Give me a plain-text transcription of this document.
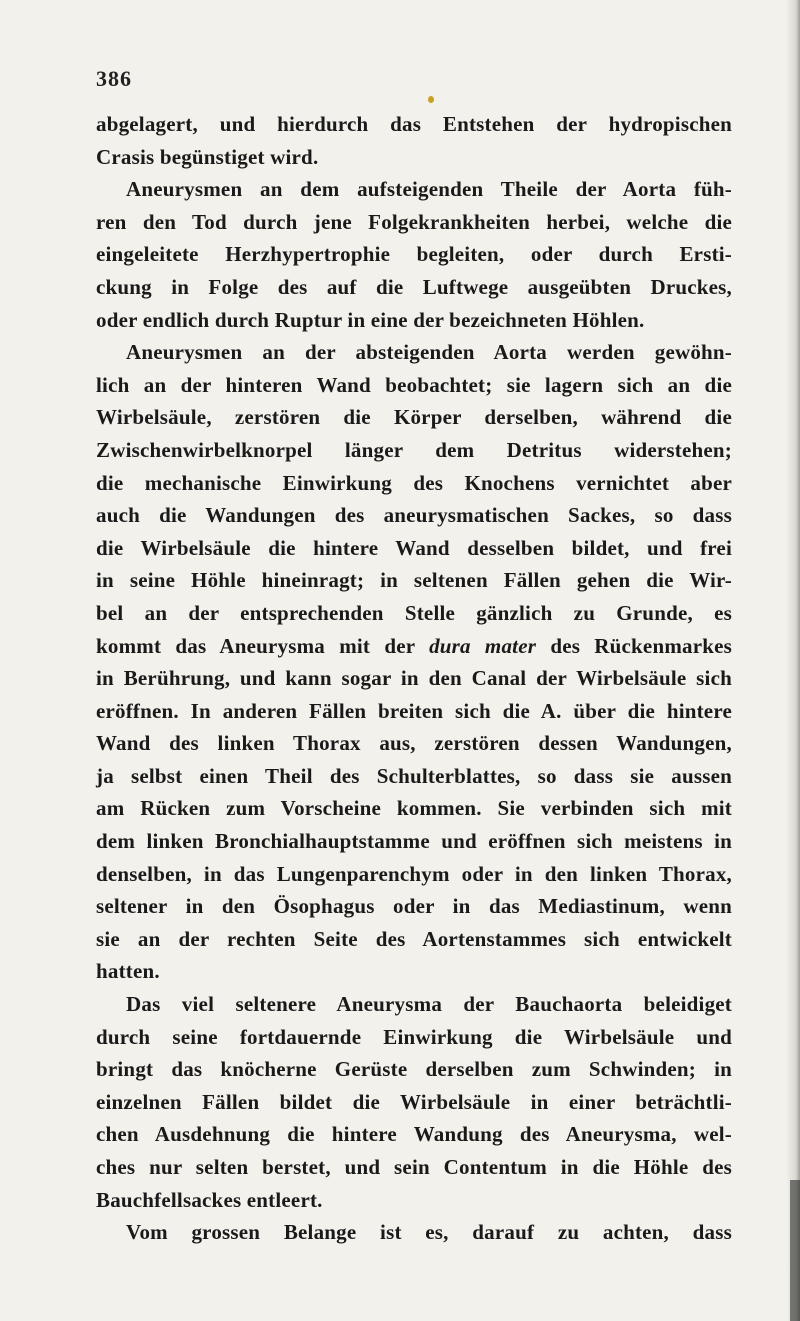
386
abgelagert, und hierdurch das Entstehen der hydropischen
Crasis begünstiget wird.
Aneurysmen an dem aufsteigenden Theile der Aorta füh-
ren den Tod durch jene Folgekrankheiten herbei, welche die
eingeleitete Herzhypertrophie begleiten, oder durch Ersti-
ckung in Folge des auf die Luftwege ausgeübten Druckes,
oder endlich durch Ruptur in eine der bezeichneten Höhlen.
Aneurysmen an der absteigenden Aorta werden gewöhn-
lich an der hinteren Wand beobachtet; sie lagern sich an die
Wirbelsäule, zerstören die Körper derselben, während die
Zwischenwirbelknorpel länger dem Detritus widerstehen;
die mechanische Einwirkung des Knochens vernichtet aber
auch die Wandungen des aneurysmatischen Sackes, so dass
die Wirbelsäule die hintere Wand desselben bildet, und frei
in seine Höhle hineinragt; in seltenen Fällen gehen die Wir-
bel an der entsprechenden Stelle gänzlich zu Grunde, es
kommt das Aneurysma mit der dura mater des Rückenmarkes
in Berührung, und kann sogar in den Canal der Wirbelsäule sich
eröffnen. In anderen Fällen breiten sich die A. über die hintere
Wand des linken Thorax aus, zerstören dessen Wandungen,
ja selbst einen Theil des Schulterblattes, so dass sie aussen
am Rücken zum Vorscheine kommen. Sie verbinden sich mit
dem linken Bronchialhauptstamme und eröffnen sich meistens in
denselben, in das Lungenparenchym oder in den linken Thorax,
seltener in den Ösophagus oder in das Mediastinum, wenn
sie an der rechten Seite des Aortenstammes sich entwickelt
hatten.
Das viel seltenere Aneurysma der Bauchaorta beleidiget
durch seine fortdauernde Einwirkung die Wirbelsäule und
bringt das knöcherne Gerüste derselben zum Schwinden; in
einzelnen Fällen bildet die Wirbelsäule in einer beträchtli-
chen Ausdehnung die hintere Wandung des Aneurysma, wel-
ches nur selten berstet, und sein Contentum in die Höhle des
Bauchfellsackes entleert.
Vom grossen Belange ist es, darauf zu achten, dass
